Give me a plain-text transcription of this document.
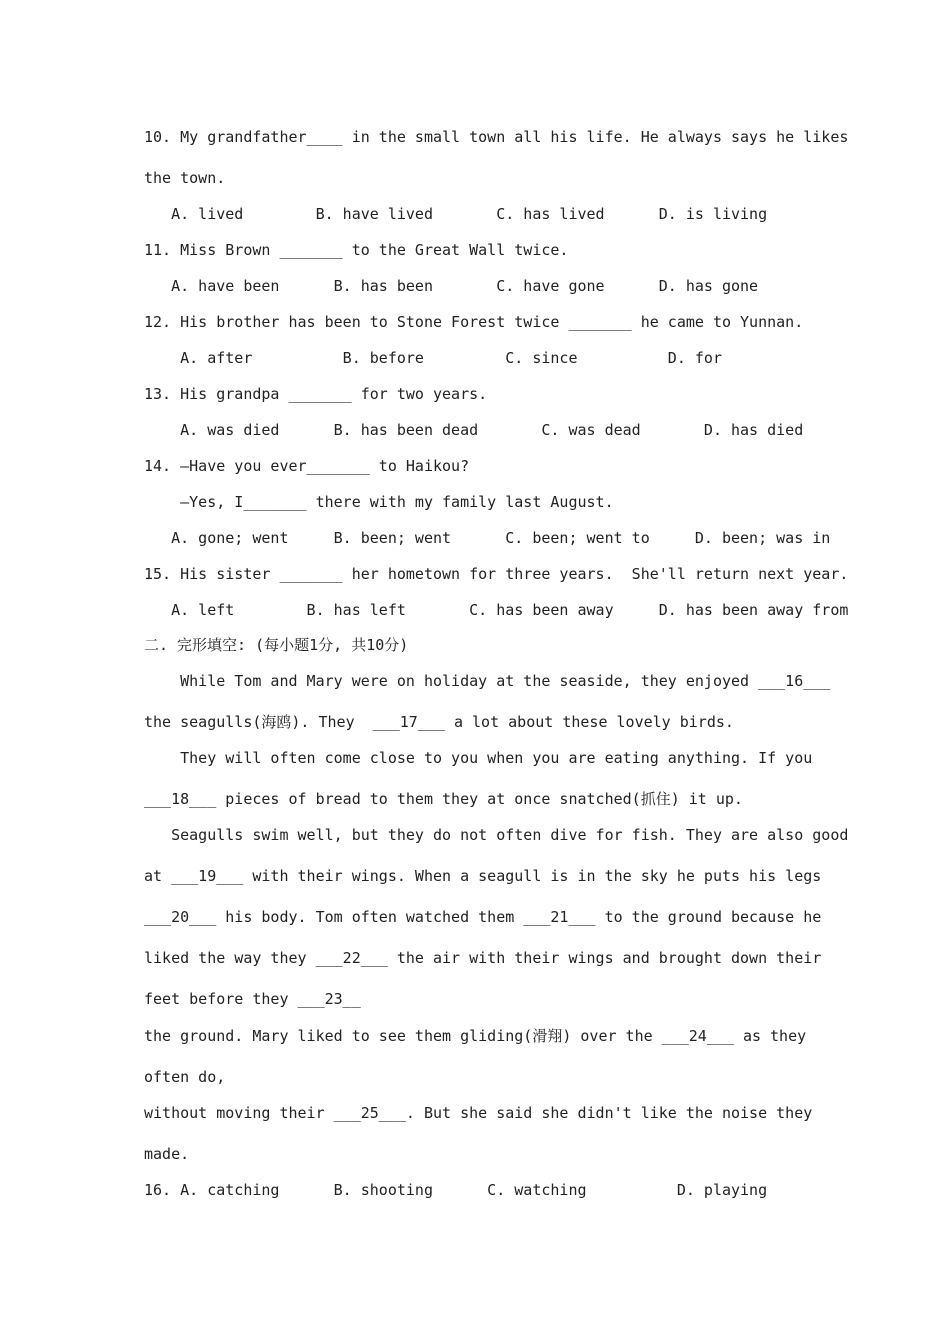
10. My grandfather____ in the small town all his life. He always says he likes
the town.
A. lived        B. have lived       C. has lived      D. is living
11. Miss Brown _______ to the Great Wall twice.
A. have been      B. has been       C. have gone      D. has gone
12. His brother has been to Stone Forest twice _______ he came to Yunnan.
A. after          B. before         C. since          D. for
13. His grandpa _______ for two years.
A. was died      B. has been dead       C. was dead       D. has died
14. —Have you ever_______ to Haikou?
—Yes, I_______ there with my family last August.
A. gone; went     B. been; went      C. been; went to     D. been; was in
15. His sister _______ her hometown for three years.  She'll return next year.
A. left        B. has left       C. has been away     D. has been away from
二. 完形填空: (每小题1分, 共10分)
While Tom and Mary were on holiday at the seaside, they enjoyed ___16___
the seagulls(海鸥). They  ___17___ a lot about these lovely birds.
They will often come close to you when you are eating anything. If you
___18___ pieces of bread to them they at once snatched(抓住) it up.
Seagulls swim well, but they do not often dive for fish. They are also good
at ___19___ with their wings. When a seagull is in the sky he puts his legs
___20___ his body. Tom often watched them ___21___ to the ground because he
liked the way they ___22___ the air with their wings and brought down their
feet before they ___23__
the ground. Mary liked to see them gliding(滑翔) over the ___24___ as they
often do,
without moving their ___25___. But she said she didn't like the noise they
made.
16. A. catching      B. shooting      C. watching          D. playing
